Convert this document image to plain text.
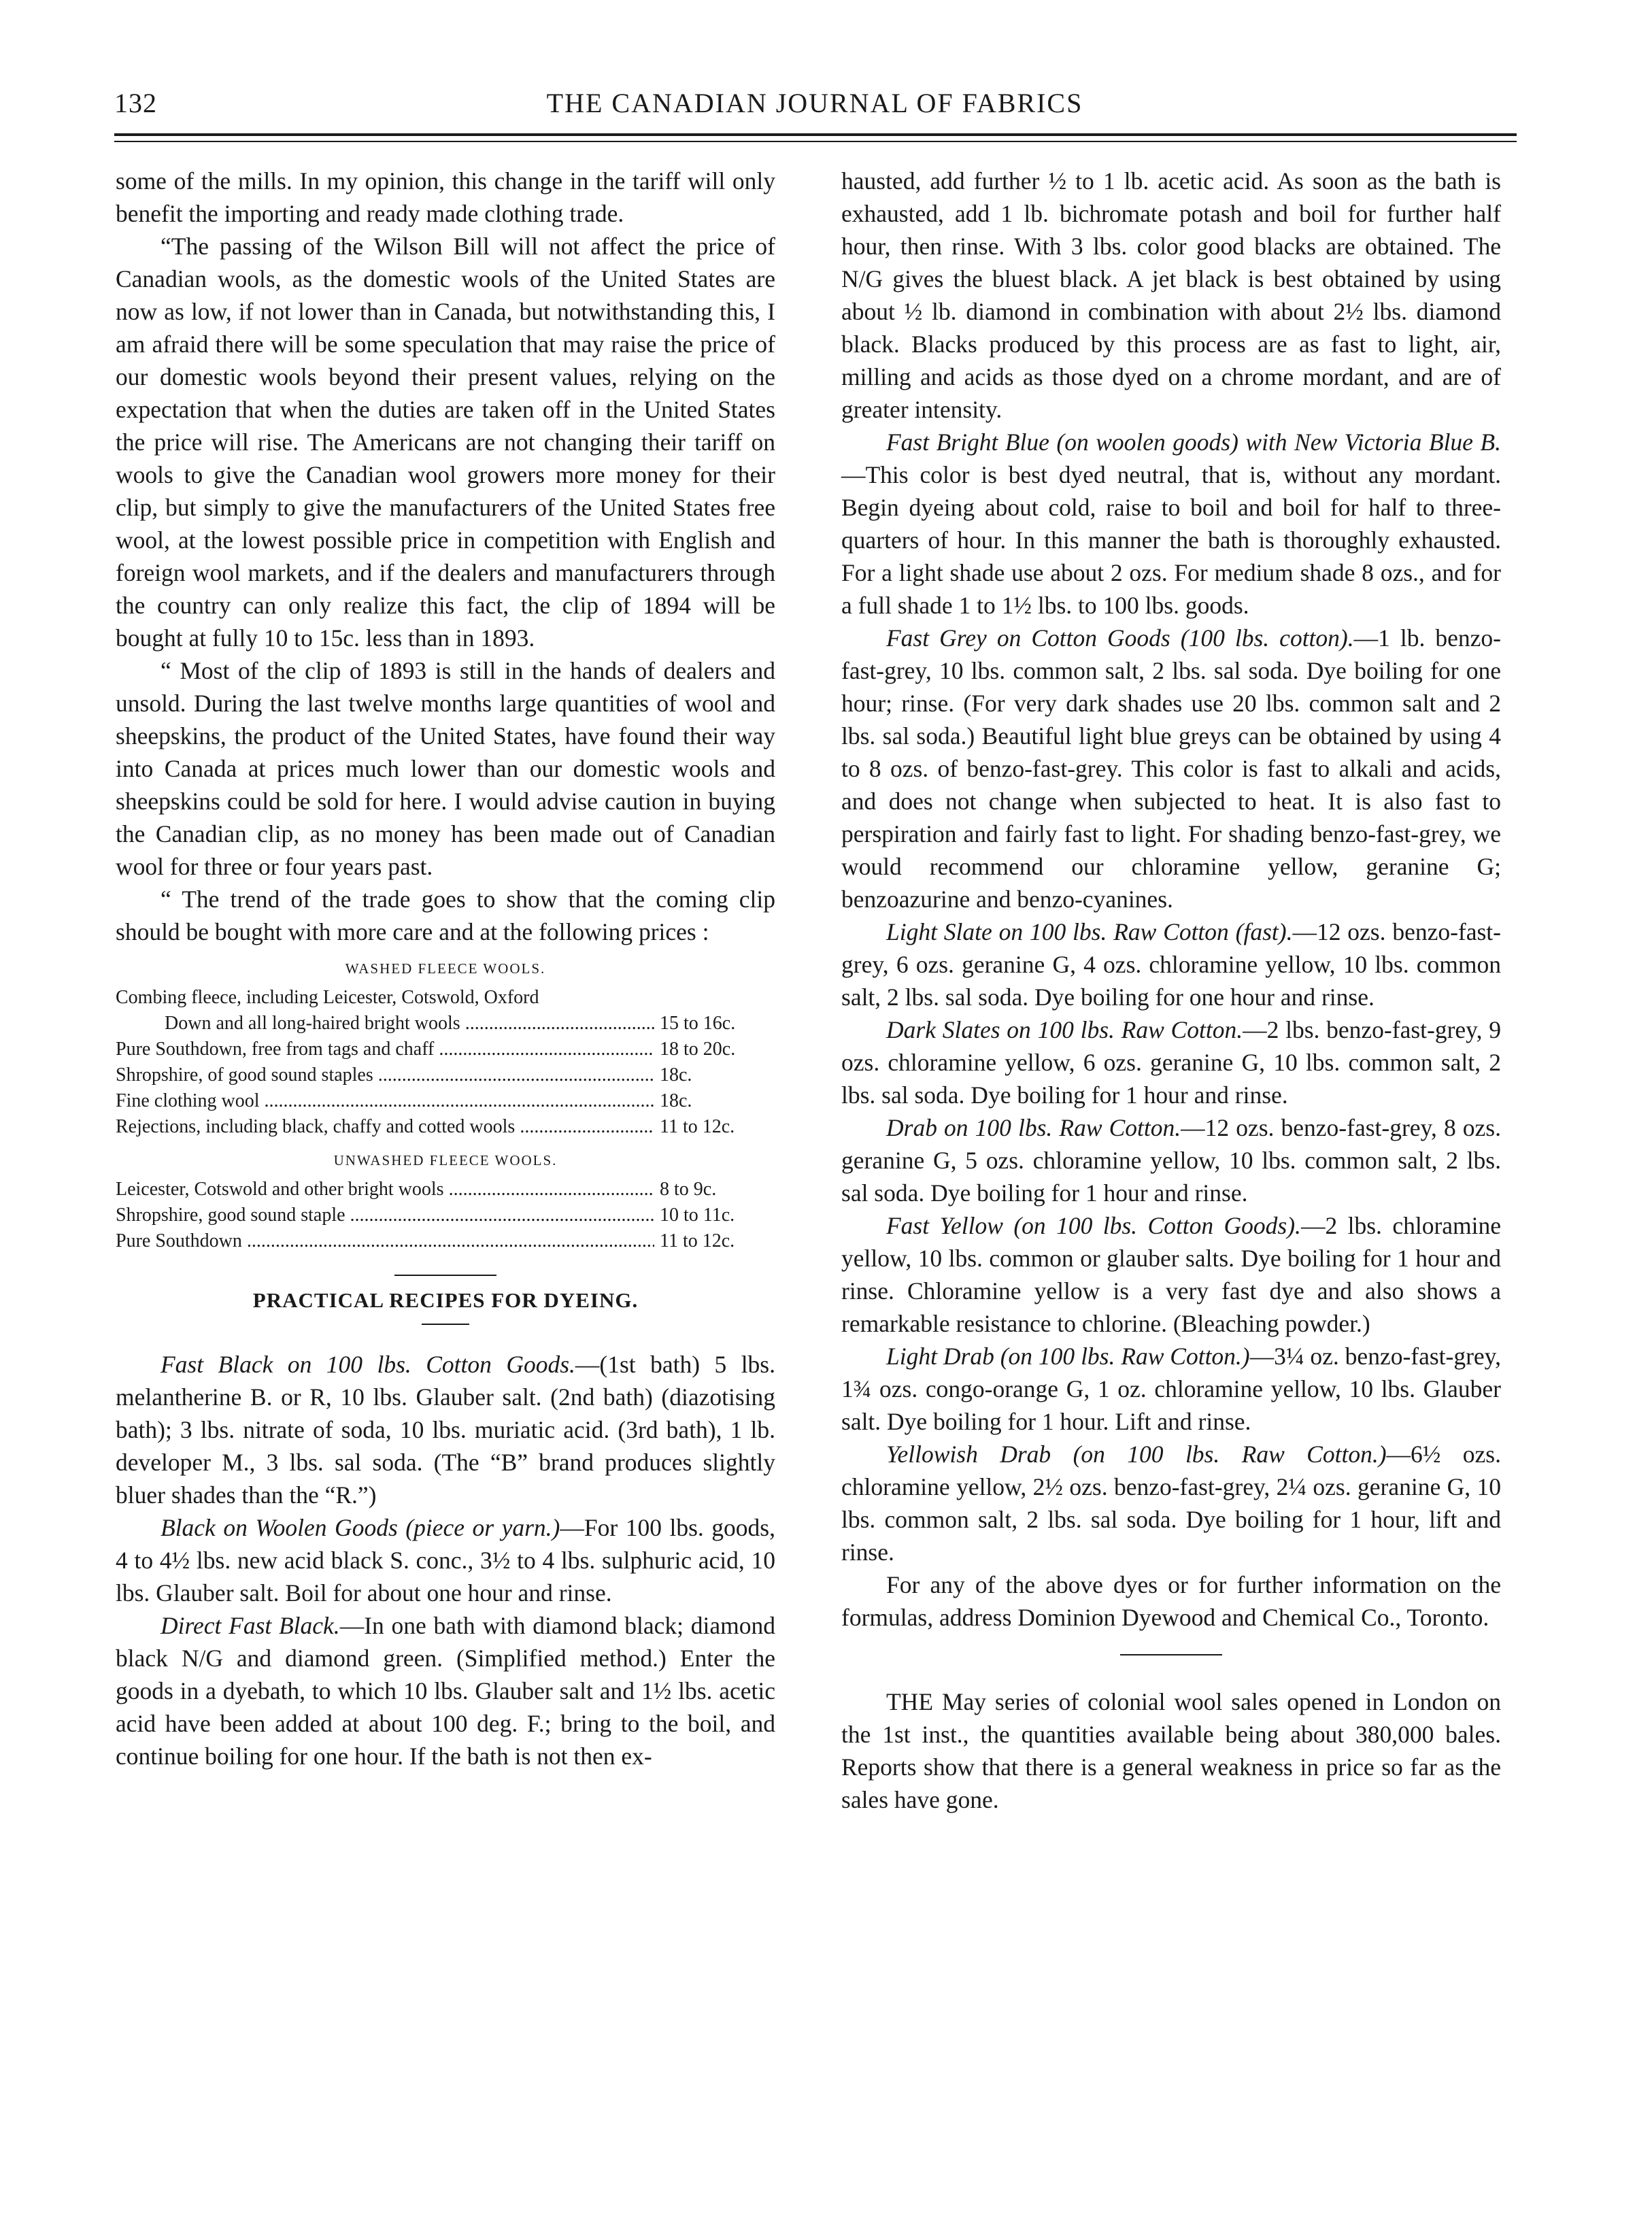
132	THE CANADIAN JOURNAL OF FABRICS

some of the mills. In my opinion, this change in the tariff will only benefit the importing and ready made clothing trade.

“The passing of the Wilson Bill will not affect the price of Canadian wools, as the domestic wools of the United States are now as low, if not lower than in Canada, but notwithstanding this, I am afraid there will be some speculation that may raise the price of our domestic wools beyond their present values, relying on the expectation that when the duties are taken off in the United States the price will rise. The Americans are not changing their tariff on wools to give the Canadian wool growers more money for their clip, but simply to give the manufacturers of the United States free wool, at the lowest possible price in competition with English and foreign wool markets, and if the dealers and manufacturers through the country can only realize this fact, the clip of 1894 will be bought at fully 10 to 15c. less than in 1893.

“ Most of the clip of 1893 is still in the hands of dealers and unsold. During the last twelve months large quantities of wool and sheepskins, the product of the United States, have found their way into Canada at prices much lower than our domestic wools and sheepskins could be sold for here. I would advise caution in buying the Canadian clip, as no money has been made out of Canadian wool for three or four years past.

“ The trend of the trade goes to show that the coming clip should be bought with more care and at the following prices :

WASHED FLEECE WOOLS.
Combing fleece, including Leicester, Cotswold, Oxford
Down and all long-haired bright wools .....	15 to 16c.
Pure Southdown, free from tags and chaff .....	18 to 20c.
Shropshire, of good sound staples .....	18c.
Fine clothing wool .....	18c.
Rejections, including black, chaffy and cotted wools .....	11 to 12c.
UNWASHED FLEECE WOOLS.
Leicester, Cotswold and other bright wools .....	8 to 9c.
Shropshire, good sound staple .....	10 to 11c.
Pure Southdown .....	11 to 12c.
PRACTICAL RECIPES FOR DYEING.

Fast Black on 100 lbs. Cotton Goods.—(1st bath) 5 lbs. melantherine B. or R, 10 lbs. Glauber salt. (2nd bath) (diazotising bath); 3 lbs. nitrate of soda, 10 lbs. muriatic acid. (3rd bath), 1 lb. developer M., 3 lbs. sal soda. (The “B” brand produces slightly bluer shades than the “R.”)

Black on Woolen Goods (piece or yarn.)—For 100 lbs. goods, 4 to 4½ lbs. new acid black S. conc., 3½ to 4 lbs. sulphuric acid, 10 lbs. Glauber salt. Boil for about one hour and rinse.

Direct Fast Black.—In one bath with diamond black; diamond black N/G and diamond green. (Simplified method.) Enter the goods in a dyebath, to which 10 lbs. Glauber salt and 1½ lbs. acetic acid have been added at about 100 deg. F.; bring to the boil, and continue boiling for one hour. If the bath is not then ex-

hausted, add further ½ to 1 lb. acetic acid. As soon as the bath is exhausted, add 1 lb. bichromate potash and boil for further half hour, then rinse. With 3 lbs. color good blacks are obtained. The N/G gives the bluest black. A jet black is best obtained by using about ½ lb. diamond in combination with about 2½ lbs. diamond black. Blacks produced by this process are as fast to light, air, milling and acids as those dyed on a chrome mordant, and are of greater intensity.

Fast Bright Blue (on woolen goods) with New Victoria Blue B.—This color is best dyed neutral, that is, without any mordant. Begin dyeing about cold, raise to boil and boil for half to three-quarters of hour. In this manner the bath is thoroughly exhausted. For a light shade use about 2 ozs. For medium shade 8 ozs., and for a full shade 1 to 1½ lbs. to 100 lbs. goods.

Fast Grey on Cotton Goods (100 lbs. cotton).—1 lb. benzo-fast-grey, 10 lbs. common salt, 2 lbs. sal soda. Dye boiling for one hour; rinse. (For very dark shades use 20 lbs. common salt and 2 lbs. sal soda.) Beautiful light blue greys can be obtained by using 4 to 8 ozs. of benzo-fast-grey. This color is fast to alkali and acids, and does not change when subjected to heat. It is also fast to perspiration and fairly fast to light. For shading benzo-fast-grey, we would recommend our chloramine yellow, geranine G; benzoazurine and benzo-cyanines.

Light Slate on 100 lbs. Raw Cotton (fast).—12 ozs. benzo-fast-grey, 6 ozs. geranine G, 4 ozs. chloramine yellow, 10 lbs. common salt, 2 lbs. sal soda. Dye boiling for one hour and rinse.

Dark Slates on 100 lbs. Raw Cotton.—2 lbs. benzo-fast-grey, 9 ozs. chloramine yellow, 6 ozs. geranine G, 10 lbs. common salt, 2 lbs. sal soda. Dye boiling for 1 hour and rinse.

Drab on 100 lbs. Raw Cotton.—12 ozs. benzo-fast-grey, 8 ozs. geranine G, 5 ozs. chloramine yellow, 10 lbs. common salt, 2 lbs. sal soda. Dye boiling for 1 hour and rinse.

Fast Yellow (on 100 lbs. Cotton Goods).—2 lbs. chloramine yellow, 10 lbs. common or glauber salts. Dye boiling for 1 hour and rinse. Chloramine yellow is a very fast dye and also shows a remarkable resistance to chlorine. (Bleaching powder.)

Light Drab (on 100 lbs. Raw Cotton.)—3¼ oz. benzo-fast-grey, 1¾ ozs. congo-orange G, 1 oz. chloramine yellow, 10 lbs. Glauber salt. Dye boiling for 1 hour. Lift and rinse.

Yellowish Drab (on 100 lbs. Raw Cotton.)—6½ ozs. chloramine yellow, 2½ ozs. benzo-fast-grey, 2¼ ozs. geranine G, 10 lbs. common salt, 2 lbs. sal soda. Dye boiling for 1 hour, lift and rinse.

For any of the above dyes or for further information on the formulas, address Dominion Dyewood and Chemical Co., Toronto.

THE May series of colonial wool sales opened in London on the 1st inst., the quantities available being about 380,000 bales. Reports show that there is a general weakness in price so far as the sales have gone.
